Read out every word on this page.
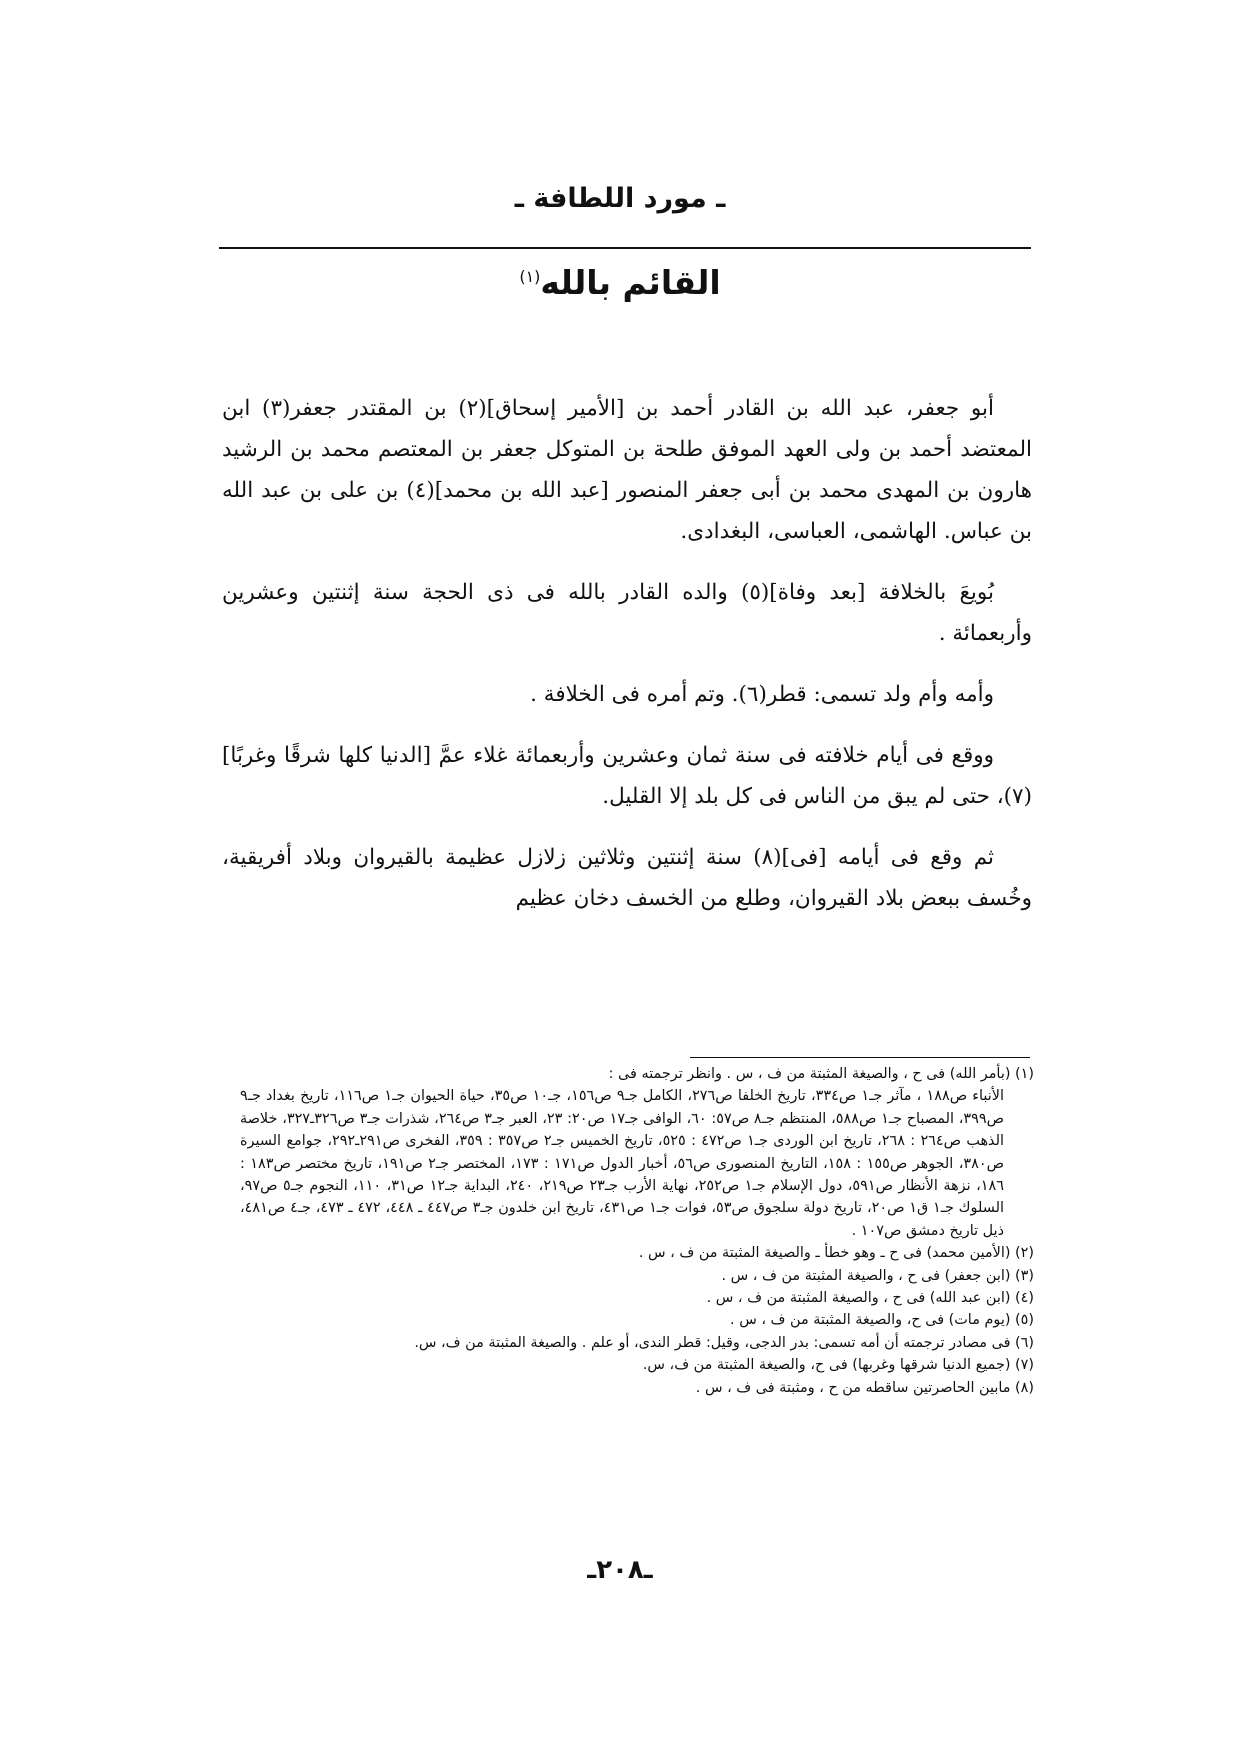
ـ مورد اللطافة ـ
القائم بالله$^{(١)}$

أبو جعفر، عبد الله بن القادر أحمد بن [الأمير إسحاق](٢) بن المقتدر جعفر(٣) ابن المعتضد أحمد بن ولى العهد الموفق طلحة بن المتوكل جعفر بن المعتصم محمد بن الرشيد هارون بن المهدى محمد بن أبى جعفر المنصور [عبد الله بن محمد](٤) بن على بن عبد الله بن عباس. الهاشمى، العباسى، البغدادى.

بُويعَ بالخلافة [بعد وفاة](٥) والده القادر بالله فى ذى الحجة سنة إثنتين وعشرين وأربعمائة .

وأمه وأم ولد تسمى: قطر(٦). وتم أمره فى الخلافة .

ووقع فى أيام خلافته فى سنة ثمان وعشرين وأربعمائة غلاء عمَّ [الدنيا كلها شرقًا وغربًا](٧)، حتى لم يبق من الناس فى كل بلد إلا القليل.

ثم وقع فى أيامه [فى](٨) سنة إثنتين وثلاثين زلازل عظيمة بالقيروان وبلاد أفريقية، وخُسف ببعض بلاد القيروان، وطلع من الخسف دخان عظيم

(١) (بأمر الله) فى ح ، والصيغة المثبتة من ف ، س . وانظر ترجمته فى :

الأنباء ص١٨٨ ، مآثر جـ١ ص٣٣٤، تاريخ الخلفا ص٢٧٦، الكامل جـ٩ ص١٥٦، جـ١٠ ص٣٥، حياة الحيوان جـ١ ص١١٦، تاريخ بغداد جـ٩ ص٣٩٩، المصباح جـ١ ص٥٨٨، المنتظم جـ٨ ص٥٧: ٦٠، الوافى جـ١٧ ص٢٠: ٢٣، العبر جـ٣ ص٢٦٤، شذرات جـ٣ ص٣٢٦ـ٣٢٧، خلاصة الذهب ص٢٦٤ : ٢٦٨، تاريخ ابن الوردى جـ١ ص٤٧٢ : ٥٢٥، تاريخ الخميس جـ٢ ص٣٥٧ : ٣٥٩، الفخرى ص٢٩١ـ٢٩٢، جوامع السيرة ص٣٨٠، الجوهر ص١٥٥ : ١٥٨، التاريخ المنصورى ص٥٦، أخبار الدول ص١٧١ : ١٧٣، المختصر جـ٢ ص١٩١، تاريخ مختصر ص١٨٣ : ١٨٦، نزهة الأنظار ص٥٩١، دول الإسلام جـ١ ص٢٥٢، نهاية الأرب جـ٢٣ ص٢١٩، ٢٤٠، البداية جـ١٢ ص٣١، ١١٠، النجوم جـ٥ ص٩٧، السلوك جـ١ ق١ ص٢٠، تاريخ دولة سلجوق ص٥٣، فوات جـ١ ص٤٣١، تاريخ ابن خلدون جـ٣ ص٤٤٧ ـ ٤٤٨، ٤٧٢ ـ ٤٧٣، جـ٤ ص٤٨١، ذيل تاريخ دمشق ص١٠٧ .

(٢) (الأمين محمد) فى ح ـ وهو خطأ ـ والصيغة المثبتة من ف ، س .

(٣) (ابن جعفر) فى ح ، والصيغة المثبتة من ف ، س .

(٤) (ابن عبد الله) فى ح ، والصيغة المثبتة من ف ، س .

(٥) (يوم مات) فى ح، والصيغة المثبتة من ف ، س .

(٦) فى مصادر ترجمته أن أمه تسمى: بدر الدجى، وقيل: قطر الندى، أو علم . والصيغة المثبتة من ف، س.

(٧) (جميع الدنيا شرقها وغربها) فى ح، والصيغة المثبتة من ف، س.

(٨) مابين الحاصرتين ساقطه من ح ، ومثبتة فى ف ، س .

ـ٢٠٨ـ
